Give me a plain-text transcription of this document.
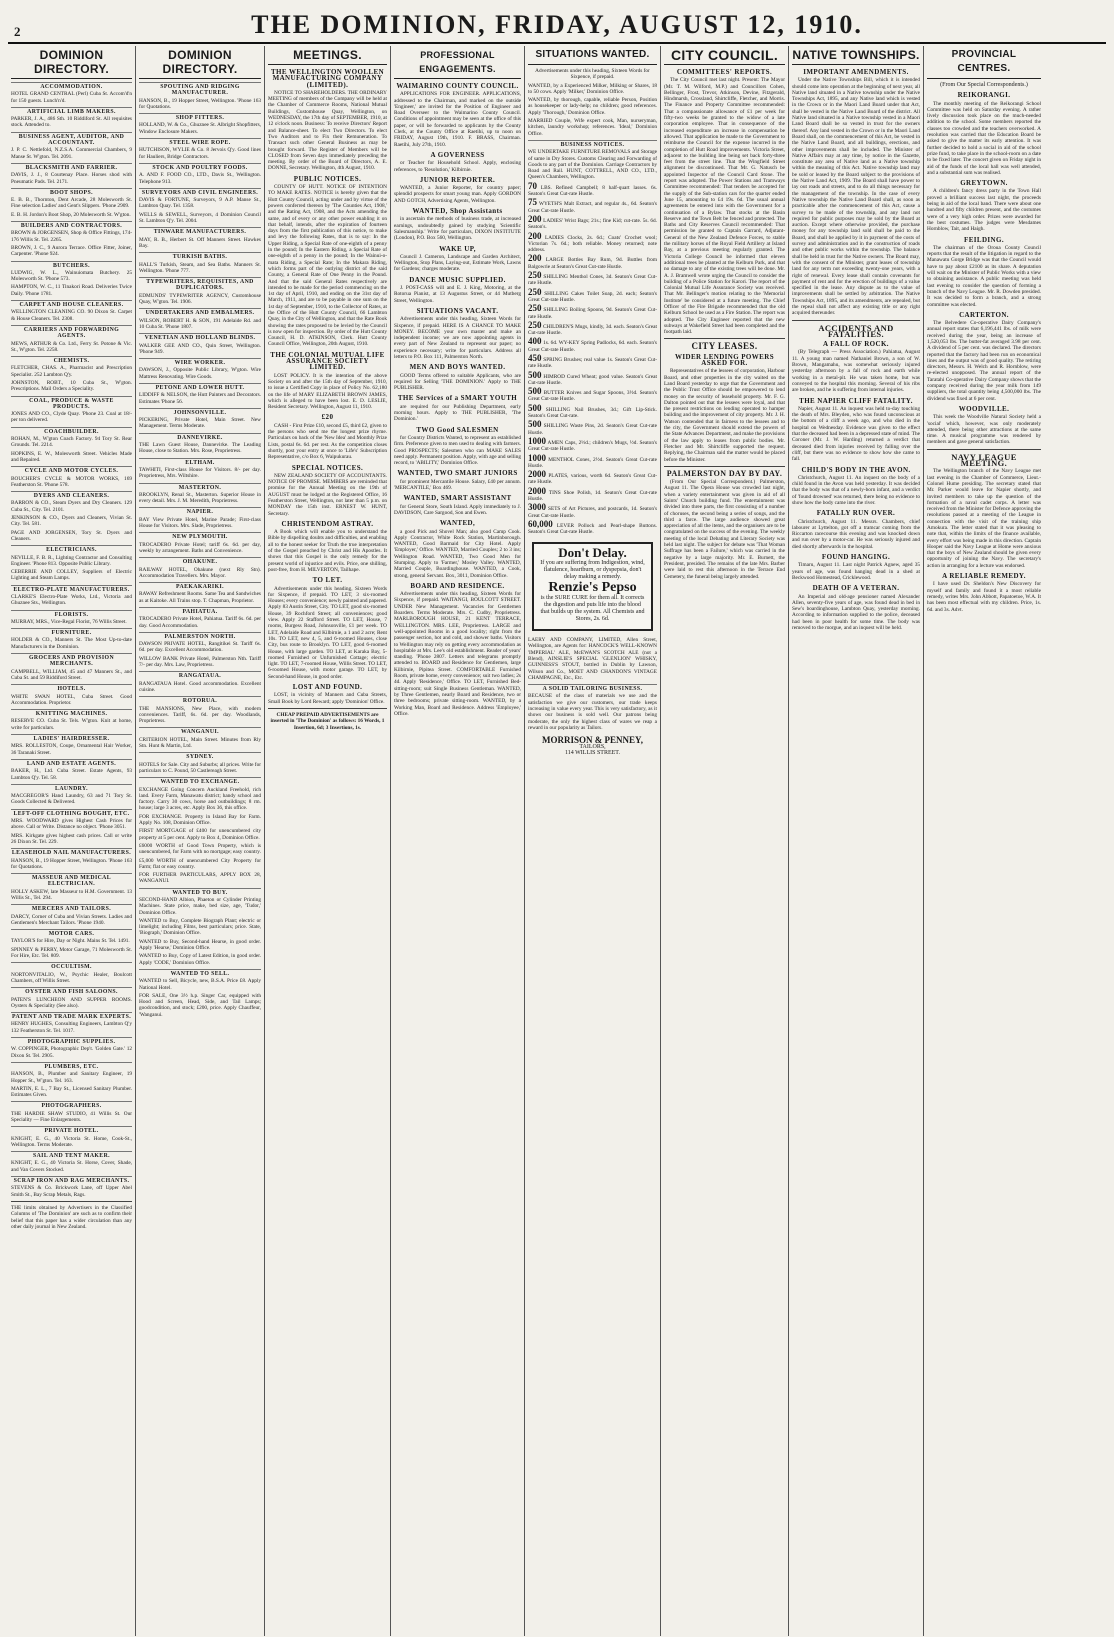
2	THE DOMINION, FRIDAY, AUGUST 12, 1910.
DOMINION DIRECTORY.
ACCOMMODATION.
HOTEL GRAND CENTRAL (Perl) Cuba St. Accom'd'n for 150 guests. Lunch'n'd.
ARTIFICIAL LIMB MAKERS.
PARKER, J. A., 486 Sth. 10 Riddiford St. All requisites stock. Attended to.
BUSINESS AGENT, AUDITOR, AND ACCOUNTANT.
J. P. C. Nettlefold, N.Z.S.A. Commercial Chambers, 9 Manse St. W'gton. Tel. 2091.
BLACKSMITH AND FARRIER.
DAVIS, J. J., 8 Courtenay Place. Horses shod with Pneumatic Pads. Tel. 2171.
BOOT SHOPS.
E. B. B., Thornton, Dent Arcade, 28 Molesworth St. Fine selection Ladies' and Gent's Slippers. 'Phone 2909.
E. B. H. Jordon's Boot Shop, 20 Molesworth St. W'gton.
BUILDERS AND CONTRACTORS.
BROWN & JORGENSEN, Shop & Office Fittings, 174-176 Willis St. Tel. 2265.
BROWN, J. C., 9 Aurora Terrace. Office Fitter, Joiner, Carpenter. 'Phone 924.
BUTCHERS.
LUDWIG, W. L., Wainuiomata Butchery. 25 Molesworth St. 'Phone 573.
HAMPTON, W. C., 11 Tinakori Road. Deliveries Twice Daily. 'Phone 1781.
CARPET AND HOUSE CLEANERS.
WELLINGTON CLEANING CO. 90 Dixon St. Carpet & House Cleaners. Tel. 2308.
CARRIERS AND FORWARDING AGENTS.
MEWS, ARTHUR & Co. Ltd., Ferry St. Potone & Vic. St., W'gton. Tel. 2258.
CHEMISTS.
FLETCHER, CHAS. A., Pharmacist and Prescription Specialist. 252 Lambton Q'y.
JOHNSTON, ROBT., 10 Cuba St., W'gton. Prescriptions. Mail Orders a Speciality.
COAL, PRODUCE & WASTE PRODUCTS.
JONES AND CO., Clyde Quay. 'Phone 23. Coal at 18/- per ton delivered.
COACHBUILDER.
ROHAN, M., W'gton Coach Factory. 94 Tory St. Rear Grounds. Tel. 2214.
HOPKINS, E. W., Molesworth Street. Vehicles Made and Repaired.
CYCLE AND MOTOR CYCLES.
BOUCHER'S CYCLE & MOTOR WORKS, 169 Featherston St. 'Phone 578.
DYERS AND CLEANERS.
BARRON & CO., Steam Dyers and Dry Cleaners. 129 Cuba St., City. Tel. 2101.
JENKINSON & CO., Dyers and Cleaners, Vivian St. City. Tel. 581.
PAGE AND JORGENSEN, Tory St. Dyers and Cleaners.
ELECTRICIANS.
NEVILLE, F. B. R., Lighting Contractor and Consulting Engineer. 'Phone 813. Opposite Public Library.
CEBERRIE AND COLLEY, Suppliers of Electric Lighting and Steam Lamps.
ELECTRO-PLATE MANUFACTURERS.
CLARKE'S Electro-Plate Works, Ltd., Victoria and Ghuznee Sts., Wellington.
FLORISTS.
MURRAY, MRS., Vice-Regal Florist, 76 Willis Street.
FURNITURE.
HOLDER & CO., Manners St. The Most Up-to-date Manufacturers in the Dominion.
GROCERS AND PROVISION MERCHANTS.
CAMPBELL, WILLIAM, 45 and 47 Manners St., and Cuba St. and 59 Riddiford Street.
HOTELS.
WHITE SWAN HOTEL, Cuba Street. Good Accommodation. Proprietor.
KNITTING MACHINES.
RESERVE CO. Cuba St. Tels. W'gton. Knit at home, write for particulars.
LADIES' HAIRDRESSER.
MRS. ROLLESTON, Coupe, Ornamental Hair Worker, 36 Taranaki Street.
LAND AND ESTATE AGENTS.
BAKER, H., Ltd. Cuba Street. Estate Agents, 93 Lambton Q'y. Tel. 58.
LAUNDRY.
MACGREGOR'S Hand Laundry, 63 and 71 Tory St. Goods Collected & Delivered.
LEFT-OFF CLOTHING BOUGHT, ETC.
MRS. WOODWARD gives Highest Cash Prices for above. Call or Write. Distance no object. 'Phone 3051.
MRS. Kirkgate gives highest cash prices. Call or write 26 Dixon St. Tel. 229.
LEASEHOLD NAIL MANUFACTURERS.
HANSON, B., 19 Hopper Street, Wellington. 'Phone 163 for Quotations.
MASSEUR AND MEDICAL ELECTRICIAN.
HOLLY ASKEW, late Masseur to H.M. Government. 13 Willis St., Tel. 294.
MERCERS AND TAILORS.
DARCY, Corner of Cuba and Vivian Streets. Ladies and Gentlemen's Merchant Tailors. 'Phone 1940.
MOTOR CARS.
TAYLOR'S for Hire, Day or Night. Mains St. Tel. 1491.
SPINNEY & PERRY, Motor Garage, 71 Molesworth St. For Hire, Etc. Tel. 809.
OCCULTISM.
NORTONVITALIO, W., Psychic Healer, Boulcott Chambers, off Willis Street.
OYSTER AND FISH SALOONS.
PATEN'S LUNCHEON AND SUPPER ROOMS. Oysters & Speciality (See also).
PATENT AND TRADE MARK EXPERTS.
HENRY HUGHES, Consulting Engineers, Lambton Q'y 132 Featherston St. Tel. 1017.
PHOTOGRAPHIC SUPPLIES.
W. COPPINGER, Photographic Dep't. 'Golden Gate.' 12 Dixon St. Tel. 2905.
PLUMBERS, ETC.
HANSON, B., Plumber and Sanitary Engineer, 19 Hopper St., W'gton. Tel. 163.
MARTIN, E. L., 7 Bay St., Licensed Sanitary Plumber. Estimates Given.
PHOTOGRAPHERS.
THE HARDIE SHAW STUDIO, 41 Willis St. Our Speciality — Fine Enlargements.
PRIVATE HOTEL.
KNIGHT, E. G., 40 Victoria St. Home, Cook-St., Wellington. Terms Moderate.
SAIL AND TENT MAKER.
KNIGHT, E. G., 40 Victoria St. Horse, Cover, Shade, and Van Covers Stocked.
SCRAP IRON AND RAG MERCHANTS.
STEVENS & Co. Brickwork Lane, off Upper Abel Smith St., Bay Scrap Metals, Rags.
THE limits obtained by Advertisers in the Classified Columns of 'The Dominion' are such as to confirm their belief that this paper has a wider circulation than any other daily journal in New Zealand.
DOMINION DIRECTORY.
SPOUTING AND RIDGING MANUFACTURER.
HANSON, B., 19 Hopper Street, Wellington. 'Phone 163 for Quotations.
SHOP FITTERS.
HOLLAND, W. & Co., Ghuznee St. Albright Shopfitters, Window Enclosure Makers.
STEEL WIRE ROPE.
HUTCHISON, WYLIE & Co. 8 Jervois Q'y. Good lines for Hauliers, Bridge Contractors.
STOCK AND POULTRY FOODS.
A. AND F. FOOD CO., LTD., Davis St., Wellington. Telephone 913.
SURVEYORS AND CIVIL ENGINEERS.
DAVIS & FORTUNE, Surveyors, 9 A.P. Manse St., Lambton Quay. Tel. 1358.
WELLS & SEWELL, Surveyors, 4 Dominion Council St. Lambton Q'y. Tel. 2004.
TINWARE MANUFACTURERS.
MAY, R. B., Herbert St. Off Manners Street. Hawkes Bay.
TURKISH BATHS.
HALL'S Turkish, Steam, and Sea Baths. Manners St. Wellington. 'Phone 777.
TYPEWRITERS, REQUISITES, AND DUPLICATORS.
EDMUNDS' TYPEWRITER AGENCY, Customhouse Quay, W'gton. Tel. 1906.
UNDERTAKERS AND EMBALMERS.
WILSON, ROBERT H. & SON, 191 Adelaide Rd. and 10 Cuba St. 'Phone 1807.
VENETIAN AND HOLLAND BLINDS.
WALKER GEE AND CO., Quin Street, Wellington. 'Phone 949.
WIRE WORKER.
DAWSON, J., Opposite Public Library, W'gton. Wire Mattress Renovating. Wire Goods.
PETONE AND LOWER HUTT.
LIDDIFF & NELSON, the Hutt Painters and Decorators. Estimates 'Phone 56.
JOHNSONVILLE.
PICKERING, Private Hotel, Main Street. New Management. Terms Moderate.
DANNEVIRKE.
THE Lawn Guest House, Dannevirke. The Leading House, close to Station. Mrs. Rose, Proprietress.
ELTHAM.
TAWHITI, First-class House for Visitors. 8/- per day. Proprietress, Mrs. Wiltshire.
MASTERTON.
BROOKLYN, Renal St., Masterton. Superior House in every detail. Mrs. J. M. Meredith, Proprietress.
NAPIER.
BAY View Private Hotel, Marine Parade; First-class House for Visitors. Mrs. Slade, Proprietress.
NEW PLYMOUTH.
TROCADERO Private Hotel; tariff 6s. 6d. per day, weekly by arrangement. Baths and Convenience.
OHAKUNE.
RAILWAY HOTEL, Ohakune (next Rly Stn). Accommodation Travellers. Mrs. Mayor.
PAEKAKARIKI.
RAWAY Refreshment Rooms. Same Tea and Sandwiches as at Kaitoke. All Trains stop. T. Chapman, Proprietor.
PAHIATUA.
TROCADERO Private Hotel, Pahiatua. Tariff 6s. 6d. per day. Good Accommodation.
PALMERSTON NORTH.
DAWSON PRIVATE HOTEL, Rangitikei St. Tariff 6s. 6d. per day. Excellent Accommodation.
WILLOW BANK Private Hotel, Palmerston Nth. Tariff 7/- per day. Mrs. Law, Proprietress.
RANGATAUA.
RANGATAUA Hotel. Good accommodation. Excellent cuisine.
ROTORUA.
THE MANSIONS, New Place, with modern conveniences. Tariff, 6s. 6d. per day. Woodlands, Proprietress.
WANGANUI.
CRITERION HOTEL, Main Street. Minutes from Rly Stn. Hunt & Martin, Ltd.
SYDNEY.
HOTELS for Sale. City and Suburbs; all prices. Write for particulars to C. Pound, 50 Castlereagh Street.
WANTED TO EXCHANGE.
EXCHANGE Going Concern Auckland Freehold, rich land. Every Farm, Manawatu district; handy school and factory. Carry 30 cows, horse and outbuildings; 8 rm. house; large 3 acres, etc. Apply Box 36, this office.
FOR EXCHANGE. Property in Island Bay for Farm. Apply No. 108, Dominion Office.
FIRST MORTGAGE of £400 for unencumbered city property at 5 per cent. Apply to Box 4, Dominion Office.
£6000 WORTH of Good Town Property, which is unencumbered, for Farm with no mortgage; easy country.
£5,000 WORTH of unencumbered City Property for Farm; flat or easy country.
FOR FURTHER PARTICULARS, APPLY BOX 28, WANGANUI.
WANTED TO BUY.
SECOND-HAND Albion, Phaeton or Cylinder Printing Machines. State price, make, bed size, age, 'Tudor,' Dominion Office.
WANTED to Buy, Complete Biograph Plant; electric or limelight; including Films, best particulars; price. State, 'Biograph,' Dominion Office.
WANTED to Buy, Second-hand Hearse, in good order. Apply 'Hearse,' Dominion Office.
WANTED to Buy, Copy of Latest Edition, in good order. Apply 'CODE,' Dominion Office.
WANTED TO SELL.
WANTED to Sell, Bicycle, new, B.S.A. Price £8. Apply National Hotel.
FOR SALE, One 3½ h.p. Singer Car, equipped with Hood and Screen, Head, Side, and Tail Lamps; goodcondition, and stock; £200, price. Apply Chauffeur, 'Wanganui.
MEETINGS.
THE WELLINGTON WOOLLEN MANUFACTURING COMPANY (LIMITED).
NOTICE TO SHAREHOLDERS. THE ORDINARY MEETING of members of the Company will be held at the Chamber of Commerce Rooms, National Mutual Buildings, Customhouse Quay, Wellington, on WEDNESDAY, the 17th day of SEPTEMBER, 1910, at 12 o'clock noon. Business: To receive Directors' Report and Balance-sheet. To elect Two Directors. To elect Two Auditors and to Fix their Remuneration. To Transact such other General Business as may be brought forward. The Register of Members will be CLOSED from Seven days immediately preceding the meeting. By order of the Board of Directors, A. E. DONNE, Secretary. Wellington, 4th August, 1910.
PUBLIC NOTICES.
COUNTY OF HUTT. NOTICE OF INTENTION TO MAKE RATES. NOTICE is hereby given that the Hutt County Council, acting under and by virtue of the powers conferred thereon by 'The Counties Act, 1908,' and the Rating Act, 1908, and the Acts amending the same, and of every or any other power enabling it on that behalf, intends, after the expiration of fourteen days from the first publication of this notice, to make and levy the following Rates, that is to say: In the Upper Riding, a Special Rate of one-eighth of a penny in the pound; In the Eastern Riding, a Special Rate of one-eighth of a penny in the pound; In the Wainui-o-mata Riding, a Special Rate; In the Makara Riding, which forms part of the outlying district of the said County, a General Rate of One Penny in the Pound. And that the said General Rates respectively are intended to be made for the period commencing on the 1st day of April, 1910, and ending on the 31st day of March, 1911, and are to be payable in one sum on the 1st day of September, 1910, to the Collector of Rates, at the Office of the Hutt County Council, 66 Lambton Quay, in the City of Wellington, and that the Rate Book showing the rates proposed to be levied by the Council is now open for inspection. By order of the Hutt County Council, H. D. ATKINSON, Clerk. Hutt County Council Office, Wellington, 20th August, 1910.
THE COLONIAL MUTUAL LIFE ASSURANCE SOCIETY LIMITED.
LOST POLICY. It is the intention of the above Society on and after the 15th day of September, 1910, to issue a Certified Copy in place of Policy No. 62,180 on the life of MARY ELIZABETH BROWN JAMES, which is alleged to have been lost. E. D. LESLIE, Resident Secretary. Wellington, August 11, 1910.
£20
CASH - First Prize £10, second £5, third £2, given to the persons who send me the longest prize rhyme. Particulars on back of the 'New Idea' and Monthly Prize Lists, postal 6s. 6d. per rest. As the competition closes shortly, post your entry at once to 'Life's' Subscription Representative, c/o Box 6, Waipukurau.
SPECIAL NOTICES.
NEW ZEALAND SOCIETY OF ACCOUNTANTS. NOTICE OF PROMISE. MEMBERS are reminded that promise for the Annual Meeting on the 19th of AUGUST must be lodged at the Registered Office, 16 Featherston Street, Wellington, not later than 5 p.m. on MONDAY the 15th inst. ERNEST W. HUNT, Secretary.
CHRISTENDOM ASTRAY.
A Book which will enable you to understand the Bible by dispelling doubts and difficulties, and enabling all to the honest seeker for Truth the true interpretation of the Gospel preached by Christ and His Apostles. It shows that this Gospel is the only remedy for the present world of injustice and evils. Price, one shilling, post-free, from H. MILVERTON, Tailhape.
TO LET.
Advertisements under this heading, Sixteen Words for Sixpence, if prepaid. TO LET, 3 six-roomed Houses; every convenience; newly painted and papered. Apply 83 Austin Street, City. TO LET, good six-roomed House, 39 Rochford Street; all conveniences; good view. Apply 22 Stafford Street. TO LET, House, 7 rooms, Burgess Road, Johnsonville, £1 per week. TO LET, Adelaide Road and Kilbirnie, a 1 and 2 acre; Rent 10s. TO LET, new 4, 5, and 6-roomed Houses, close City, bus route to Brooklyn. TO LET, good 6-roomed House, with large garden. TO LET, at Karaka Bay, 5-roomed Furnished or Unfurnished Cottage; electric light. TO LET, 7-roomed House, Willis Street. TO LET, 6-roomed House, with motor garage. TO LET, by Second-hand House, in good order.
LOST AND FOUND.
LOST, in vicinity of Manners and Cuba Streets, Small Book by Lord Reward; apply 'Dominion' Office.
CHEAP PREPAID ADVERTISEMENTS are inserted in 'The Dominion' as follows: 16 Words, 1 Insertion, 6d; 3 Insertions, 1s.
PROFESSIONAL ENGAGEMENTS.
WAIMARINO COUNTY COUNCIL.
APPLICATIONS FOR ENGINEER. APPLICATIONS, addressed to the Chairman, and marked on the outside 'Engineer,' are invited for the Position of Engineer and Road Overseer to the Waimarino County Council. Conditions of appointment may be seen at the office of this paper, or will be forwarded to applicants by the County Clerk, at the County Office at Raetihi, up to noon on FRIDAY, August 19th, 1910. F. BRASS, Chairman. Raetihi, July 27th, 1910.
A GOVERNESS
or Teacher for Household School. Apply, enclosing references, to 'Resolution,' Kilbirnie.
JUNIOR REPORTER.
WANTED, a Junior Reporter, for country paper; splendid prospects for smart young man. Apply GORDON AND GOTCH, Advertising Agents, Wellington.
WANTED, Shop Assistants
in ascertain the methods of business trade, at increased earnings, undoubtedly gained by studying 'Scientific Salesmanship.' Write for particulars, DIXON INSTITUTE (London), P.O. Box 560, Wellington.
WAKE UP,
Council J. Cameron, Landscape and Garden Architect, Wellington, Stop Plans, Laying-out, Estimate Work, Lawns for Gardens; charges moderate.
DANCE MUSIC SUPPLIED.
J. POST-CASS will and E. J. King, Motoring, at the Rotorua Pianist, at 13 Augustus Street, or 44 Mutberg Street, Wellington.
SITUATIONS VACANT.
Advertisements under this heading, Sixteen Words for Sixpence, if prepaid. HERE IS A CHANCE TO MAKE MONEY. BECOME your own master and make an independent income; we are now appointing agents in every part of New Zealand to represent our paper; no experience necessary; write for particulars. Address all letters to P.O. Box 111, Palmerston North.
MEN AND BOYS WANTED.
GOOD Terms offered to suitable Applicants, who are required for Selling 'THE DOMINION.' Apply to THE PUBLISHER.
THE Services of a SMART YOUTH
are required for our Publishing Department, early morning hours. Apply to THE PUBLISHER, 'The Dominion.'
TWO Good SALESMEN
for Country Districts Wanted, to represent an established firm. Preference given to men used to dealing with farmers. Good PROSPECTS; Salesmen who can MAKE SALES need apply. Permanent position. Apply, with age and selling record, to 'ABILITY,' Dominion Office.
WANTED, TWO SMART JUNIORS
for prominent Mercantile House. Salary, £40 per annum. 'MERCANTILE,' Box 469.
WANTED, SMART ASSISTANT
for General Store, South Island. Apply immediately to J. DAVIDSON, Care Sargood, Son and Ewen.
WANTED,
a good Pick and Shovel Man; also good Camp Cook. Apply Contractor, White Rock Station, Martinborough. WANTED, Good Barmaid for City Hotel. Apply 'Employer,' Office. WANTED, Married Couples; 2 to 3 ins; Wellington Road. WANTED, Two Good Men for Stumping. Apply to 'Farmer,' Mosley Valley. WANTED, Married Couple, Boardinghouse. WANTED, a Cook, strong, general Servant. Box, 3011, Dominion Office.
BOARD AND RESIDENCE.
Advertisements under this heading, Sixteen Words for Sixpence, if prepaid. WAITANGI, BOULCOTT STREET. UNDER New Management. Vacancies for Gentlemen Boarders. Terms Moderate. Mrs. C. Cudby, Proprietress. MARLBOROUGH HOUSE, 21 KENT TERRACE, WELLINGTON. MRS. LEE, Proprietress. LARGE and well-appointed Rooms in a good locality; right from the passenger section, hot and cold, and shower baths. Visitors to Wellington may rely on getting every accommodation as hospitable at Mrs. Lee's old establishment. Reader of years' standing. 'Phone 2807. Letters and telegrams promptly attended to. BOARD and Residence for Gentlemen, large Kilbirnie, Pipitea Street. COMFORTABLE Furnished Room, private home, every convenience; suit two ladies; 2s 4d. Apply 'Residence,' Office. TO LET, Furnished Bed-sitting-room; suit Single Business Gentleman. WANTED, by Three Gentlemen, nearly Board and Residence, two or three bedrooms; private sitting-room. WANTED, by a Working Man, Board and Residence. Address 'Employee,' Office.
SITUATIONS WANTED.
Advertisements under this heading, Sixteen Words for Sixpence, if prepaid.
WANTED, by a Experienced Milker, Milking or Shares, 18 to 50 cows. Apply 'Milker,' Dominion Office.
WANTED, by thorough, capable, reliable Person, Position as housekeeper or lady-help; no children; good references. Apply 'Thorough,' Dominion Office.
MARRIED Couple, Wife expert cook, Man, nurseryman, kitchen, laundry workshop; references. 'Ideal,' Dominion Office.
BUSINESS NOTICES.
WE UNDERTAKE FURNITURE REMOVALS and Storage of same in Dry Stores. Customs Clearing and Forwarding of Goods to any part of the Dominion. Carriage Contractors by Road and Rail. HUNT, COTTRELL, AND CO., LTD., Queen's Chambers, Wellington.
70 LBS. Refined Campbell; 8 half-quart lasses. 6s. Seaton's Great Cut-rate Hustle.
75 WYETH'S Malt Extract, and regular 4s., 6d. Seaton's Great Cut-rate Hustle.
200 LADIES' Wrist Bags; 21s.; fine Kid; cut-rate. 5s. 6d. Seaton's.
200 LADIES Clocks, 2s. 6d.; Coats' Crochet wool; Victorian 7s. 6d.; both reliable. Money returned; note address.
200 LARGE Bottles Bay Rum, 9d. Buttles from Balgowrie at Seaton's Great Cut-rate Hustle.
250 SHILLING Menthol Cones, 3d. Seaton's Great Cut-rate Hustle.
250 SHILLING Cakes Toilet Soap, 2d. each; Seaton's Great Cut-rate Hustle.
250 SHILLING Boiling Spoons, 9d. Seaton's Great Cut-rate Hustle.
250 CHILDREN'S Mugs, kindly, 3d. each. Seaton's Great Cut-rate Hustle.
400 1s. 6d. WY-KEY Spring Padlocks, 6d. each. Seaton's Great Cut-rate Hustle.
450 SPRING Brushes; real value 1s. Seaton's Great Cut-rate Hustle.
500 HIMROD Cured Wheat; good value. Seaton's Great Cut-rate Hustle.
500 BUTTER Knives and Sugar Spoons, 3½d. Seaton's Great Cut-rate Hustle.
500 SHILLING Nail Brushes, 3d.; Gift Lip-Stick. Seaton's Great Cut-rate.
500 SHILLING Waste Pins, 2d. Seaton's Great Cut-rate Hustle.
1000 AMEN Caps, 2½d.; children's Mugs, ½d. Seaton's Great Cut-rate Hustle.
1000 MENTHOL Cones, 2½d. Seaton's Great Cut-rate Hustle.
2000 PLATES, various, worth 6d. Seaton's Great Cut-rate Hustle.
2000 TINS Shoe Polish, 1d. Seaton's Great Cut-rate Hustle.
3000 SETS of Art Pictures, and postcards, 1d. Seaton's Great Cut-rate Hustle.
60,000 LEVER Pollock and Pearl-shape Buttons. Seaton's Great Cut-rate Hustle.
Don't Delay.
If you are suffering from Indigestion, wind, flatulence, heartburn, or dyspepsia, don't delay making a remedy.
Renzie's Pepso
is the SURE CURE for them all. It corrects the digestion and puts life into the blood that builds up the system. All Chemists and Stores, 2s. 6d.
LAERY AND COMPANY, LIMITED, Allen Street, Wellington, are Agents for: HANCOCK'S WELL-KNOWN 'IMPERIAL' ALE, McEWAN'S SCOTCH ALE (not a Blend), AINSLIE'S SPECIAL 'GLENLION' WHISKY, GUINNESS'S STOUT, bottled in Dublin by Lawson, Wilson and Co., MOET AND CHANDON'S VINTAGE CHAMPAGNE, Etc., Etc.
A SOLID TAILORING BUSINESS.
BECAUSE of the class of materials we use and the satisfaction we give our customers, our trade keeps increasing in value every year. This is very satisfactory, as it shows our business is sold well. Our patrons being moderate, the only the highest class of wares we reap a reward in our popularity as Tailors.
MORRISON & PENNEY,
TAILORS,
114 WILLIS STREET.
CITY COUNCIL.
COMMITTEES' REPORTS.
The City Council met last night. Present: The Mayor (Mr. T. M. Wilford, M.P.) and Councillors Cohen, Bellinger, Frost, Trevor, Atkinson, Devine, Fitzgerald, Hindmarsh, Crossland, Shirtcliffe, Fletcher, and Morris. The Finance and Property Committee recommended: That a compassionate allowance of £1 per week for fifty-two weeks be granted to the widow of a late corporation employee. That in consequence of the increased expenditure an increase in compensation be allowed. That application be made to the Government to reimburse the Council for the expense incurred in the completion of Hutt Road improvements. Victoria Street, adjacent to the building line being set back forty-three feet from the street line. That the Wingfield Street alignment be discontinued. That Mr. G. Natusch be appointed Inspector of the Council Card Stone. The report was adopted. The Power Stations and Tramways Committee recommended: That tenders be accepted for the supply of the Sub-station cars for the quarter ended June 15, amounting to £4 19s. 6d. The usual annual agreements be entered into with the Government for a continuation of a Bylaw. That stocks at the Basin Reserve and the Town Belt be fenced and protected. The Baths and City Reserves Council recommended: That permission be granted to Captain Garrard, Adjutant-General of the New Zealand Defence Forces, to stable the military horses of the Royal Field Artillery at Island Bay, at a previous meeting regularly granted. The Victoria College Council be informed that eleven additional trees be planted at the Kelburn Park, and that no damage to any of the existing trees will be done. Mr. A. J. Bramwell wrote urging the Council to consider the building of a Police Station for Karori. The report of the Colonial Mutual Life Assurance Society was received. That Mr. Bellinger's motion relating to the 'Memorial Institute' be considered at a future meeting. The Chief Officer of the Fire Brigade recommended that the old Kelburn School be used as a Fire Station. The report was adopted. The City Engineer reported that the new subways at Wakefield Street had been completed and the footpath laid.
CITY LEASES.
WIDER LENDING POWERS ASKED FOR.
Representatives of the lessees of corporation, Harbour Board, and other properties in the city waited on the Land Board yesterday to urge that the Government and the Public Trust Office should be empowered to lend money on the security of leasehold property. Mr. F. G. Dalton pointed out that the lessees were loyal, and that the present restrictions on lending operated to hamper building and the improvement of city property. Mr. J. H. Watson contended that in fairness to the lessees and to the city, the Government should extend the powers of the State Advances Department, and make the provisions of the law apply to leases from public bodies. Mr. Fletcher and Mr. Shirtcliffe supported the request. Replying, the Chairman said the matter would be placed before the Minister.
PALMERSTON DAY BY DAY.
(From Our Special Correspondent.) Palmerston, August 11. The Opera House was crowded last night, when a variety entertainment was given in aid of all Saints' Church building fund. The entertainment was divided into three parts, the first consisting of a number of choruses, the second being a series of songs, and the third a farce. The large audience showed great appreciation of all the items, and the organisers are to be congratulated on the success of the evening. The weekly meeting of the local Debating and Literary Society was held last night. The subject for debate was 'That Woman Suffrage has been a Failure,' which was carried in the negative by a large majority. Mr. E. Burnett, the President, presided. The remains of the late Mrs. Barber were laid to rest this afternoon in the Terrace End Cemetery, the funeral being largely attended.
NATIVE TOWNSHIPS.
IMPORTANT AMENDMENTS.
Under the Native Townships Bill, which it is intended should come into operation at the beginning of next year, all Native land situated in a Native township under the Native Townships Act, 1895, and any Native land which is vested in the Crown or in the Maori Land Board under that Act, shall be vested in the Native Land Board of the district. All Native land situated in a Native township vested in a Maori Land Board shall be so vested in trust for the owners thereof. Any land vested in the Crown or in the Maori Land Board shall, on the commencement of this Act, be vested in the Native Land Board, and all buildings, erections, and other improvements shall be included. The Minister of Native Affairs may at any time, by notice in the Gazette, constitute any area of Native land as a Native township within the meaning of this Act. Native township land may be sold or leased by the Board subject to the provisions of the Native Land Act, 1909. The Board shall have power to lay out roads and streets, and to do all things necessary for the management of the township. In the case of every Native township the Native Land Board shall, as soon as practicable after the commencement of this Act, cause a survey to be made of the township, and any land not required for public purposes may be sold by the Board at auction. Except where otherwise provided, the purchase money for any township land sold shall be paid to the Board, and shall be applied by it in payment of the costs of survey and administration and in the construction of roads and other public works within the township. The balance shall be held in trust for the Native owners. The Board may, with the consent of the Minister, grant leases of township land for any term not exceeding twenty-one years, with a right of renewal. Every lease shall contain covenants for payment of rent and for the erection of buildings of a value specified in the lease. Any dispute as to the value of improvements shall be settled by arbitration. The Native Townships Act, 1895, and its amendments, are repealed, but the repeal shall not affect any existing title or any right acquired thereunder.
ACCIDENTS AND FATALITIES.
A FALL OF ROCK.
(By Telegraph — Press Association.) Pahiatua, August 11. A young man named Nathaniel Brown, a son of W. Brown, Mangamahu, was somewhat seriously injured yesterday afternoon by a fall of rock and earth while working in a metal-pit. He was taken home, but was conveyed to the hospital this morning. Several of his ribs are broken, and he is suffering from internal injuries.
THE NAPIER CLIFF FATALITY.
Napier, August 11. An inquest was held to-day touching the death of Mrs. Bleyden, who was found unconscious at the bottom of a cliff a week ago, and who died in the hospital on Wednesday. Evidence was given to the effect that the deceased had been in a depressed state of mind. The Coroner (Mr. J. W. Harding) returned a verdict that deceased died from injuries received by falling over the cliff, but there was no evidence to show how she came to fall.
CHILD'S BODY IN THE AVON.
Christchurch, August 11. An inquest on the body of a child found in the Avon was held yesterday. It was decided that the body was that of a newly-born infant, and a verdict of 'found drowned' was returned, there being no evidence to show how the body came into the river.
FATALLY RUN OVER.
Christchurch, August 11. Messrs. Chambers, chief labourer at Lyttelton, got off a tramcar coming from the Riccarton racecourse this evening and was knocked down and run over by a motor-car. He was seriously injured and died shortly afterwards in the hospital.
FOUND HANGING.
Timaru, August 11. Last night Patrick Agnew, aged 35 years of age, was found hanging dead in a shed at Beckwood Homestead, Cricklewood.
DEATH OF A VETERAN.
An Imperial and old-age pensioner named Alexander Allen, seventy-five years of age, was found dead in bed in Sew's boardinghouse, Lambton Quay, yesterday morning. According to information supplied to the police, deceased had been in poor health for some time. The body was removed to the morgue, and an inquest will be held.
PROVINCIAL CENTRES.
(From Our Special Correspondents.)
REIKORANGI.
The monthly meeting of the Reikorangi School Committee was held on Saturday evening. A rather lively discussion took place on the much-needed addition to the school. Some members reported the classes too crowded and the teachers overworked. A resolution was carried that the Education Board be asked to give the matter its early attention. It was further decided to hold a social in aid of the school prize fund, to take place in the school-room on a date to be fixed later. The concert given on Friday night in aid of the funds of the local hall was well attended, and a substantial sum was realised.
GREYTOWN.
A children's fancy dress party in the Town Hall proved a brilliant success last night, the proceeds being in aid of the local band. There were about one hundred and fifty children present, and the costumes were of a very high order. Prizes were awarded for the best costumes. The judges were Mesdames Hornblow, Tait, and Haigh.
FEILDING.
The chairman of the Oroua County Council reports that the result of the litigation in regard to the Manawatu Gorge Bridge was that the Council would have to pay about £2100 as its share. A deputation will wait on the Minister of Public Works with a view to obtaining assistance. A public meeting was held last evening to consider the question of forming a branch of the Navy League. Mr. R. Dowden presided. It was decided to form a branch, and a strong committee was elected.
CARTERTON.
The Belvedere Co-operative Dairy Company's annual report states that 6,196,441 lbs. of milk were received during the year, being an increase of 1,520,053 lbs. The butter-fat averaged 3.98 per cent. A dividend of 5 per cent. was declared. The directors reported that the factory had been run on economical lines and the output was of good quality. The retiring directors, Messrs. H. Welch and R. Hornblow, were re-elected unopposed. The annual report of the Taratahi Co-operative Dairy Company shows that the company received during the year milk from 149 suppliers, the total quantity being 4,500,000 lbs. The dividend was fixed at 6 per cent.
WOODVILLE.
This week the Woodville Natural Society held a 'social' which, however, was only moderately attended, there being other attractions at the same time. A musical programme was rendered by members and gave general satisfaction.
NAVY LEAGUE MEETING.
The Wellington branch of the Navy League met last evening in the Chamber of Commerce, Lieut.-Colonel Hume presiding. The secretary stated that Mr. Parker would leave for Napier shortly, and invited members to take up the question of the formation of a naval cadet corps. A letter was received from the Minister for Defence approving the resolutions passed at a meeting of the League in connection with the visit of the training ship Amokura. The letter stated that it was pleasing to note that, within the limits of the finance available, every effort was being made in this direction. Captain Hooper said the Navy League at Home were anxious that the boys of New Zealand should be given every opportunity of joining the Navy. The secretary's action in arranging for a lecture was endorsed.
A RELIABLE REMEDY.
I have used Dr. Sheldon's New Discovery for myself and family and found it a most reliable remedy, writes Mrs. John Abbott, Papatoetoe, W.A. It has been most effectual with my children. Price, 1s. 6d. and 3s. Advt.
